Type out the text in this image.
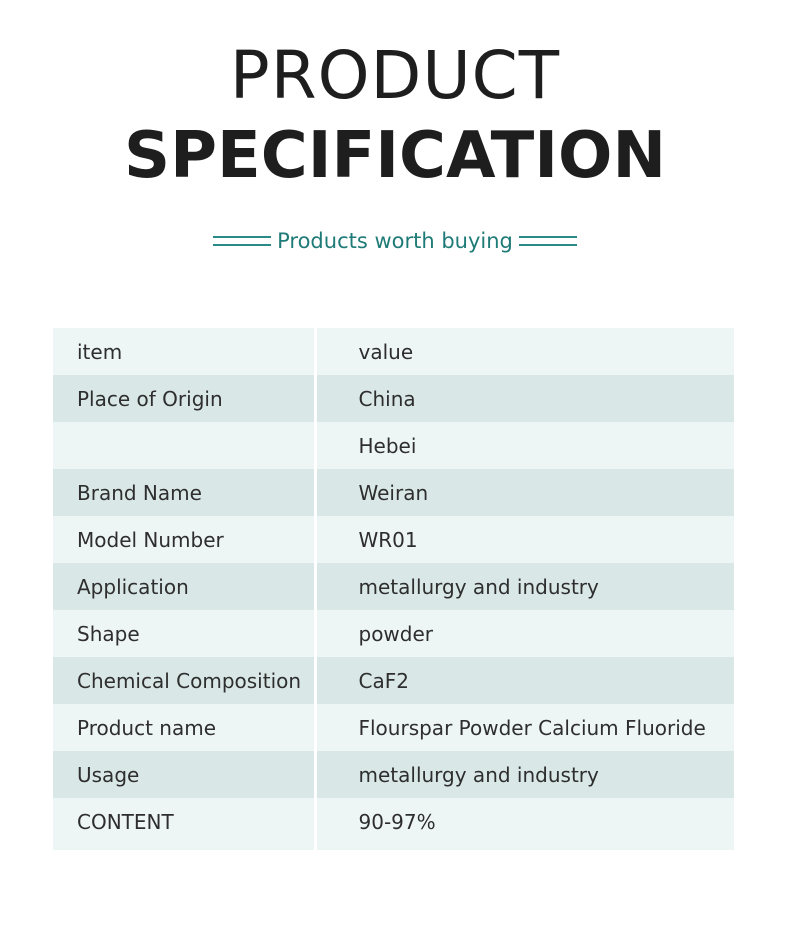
PRODUCT
SPECIFICATION
Products worth buying
item	value
Place of Origin	China
	Hebei
Brand Name	Weiran
Model Number	WR01
Application	metallurgy and industry
Shape	powder
Chemical Composition	CaF2
Product name	Flourspar Powder Calcium Fluoride
Usage	metallurgy and industry
CONTENT	90-97%
